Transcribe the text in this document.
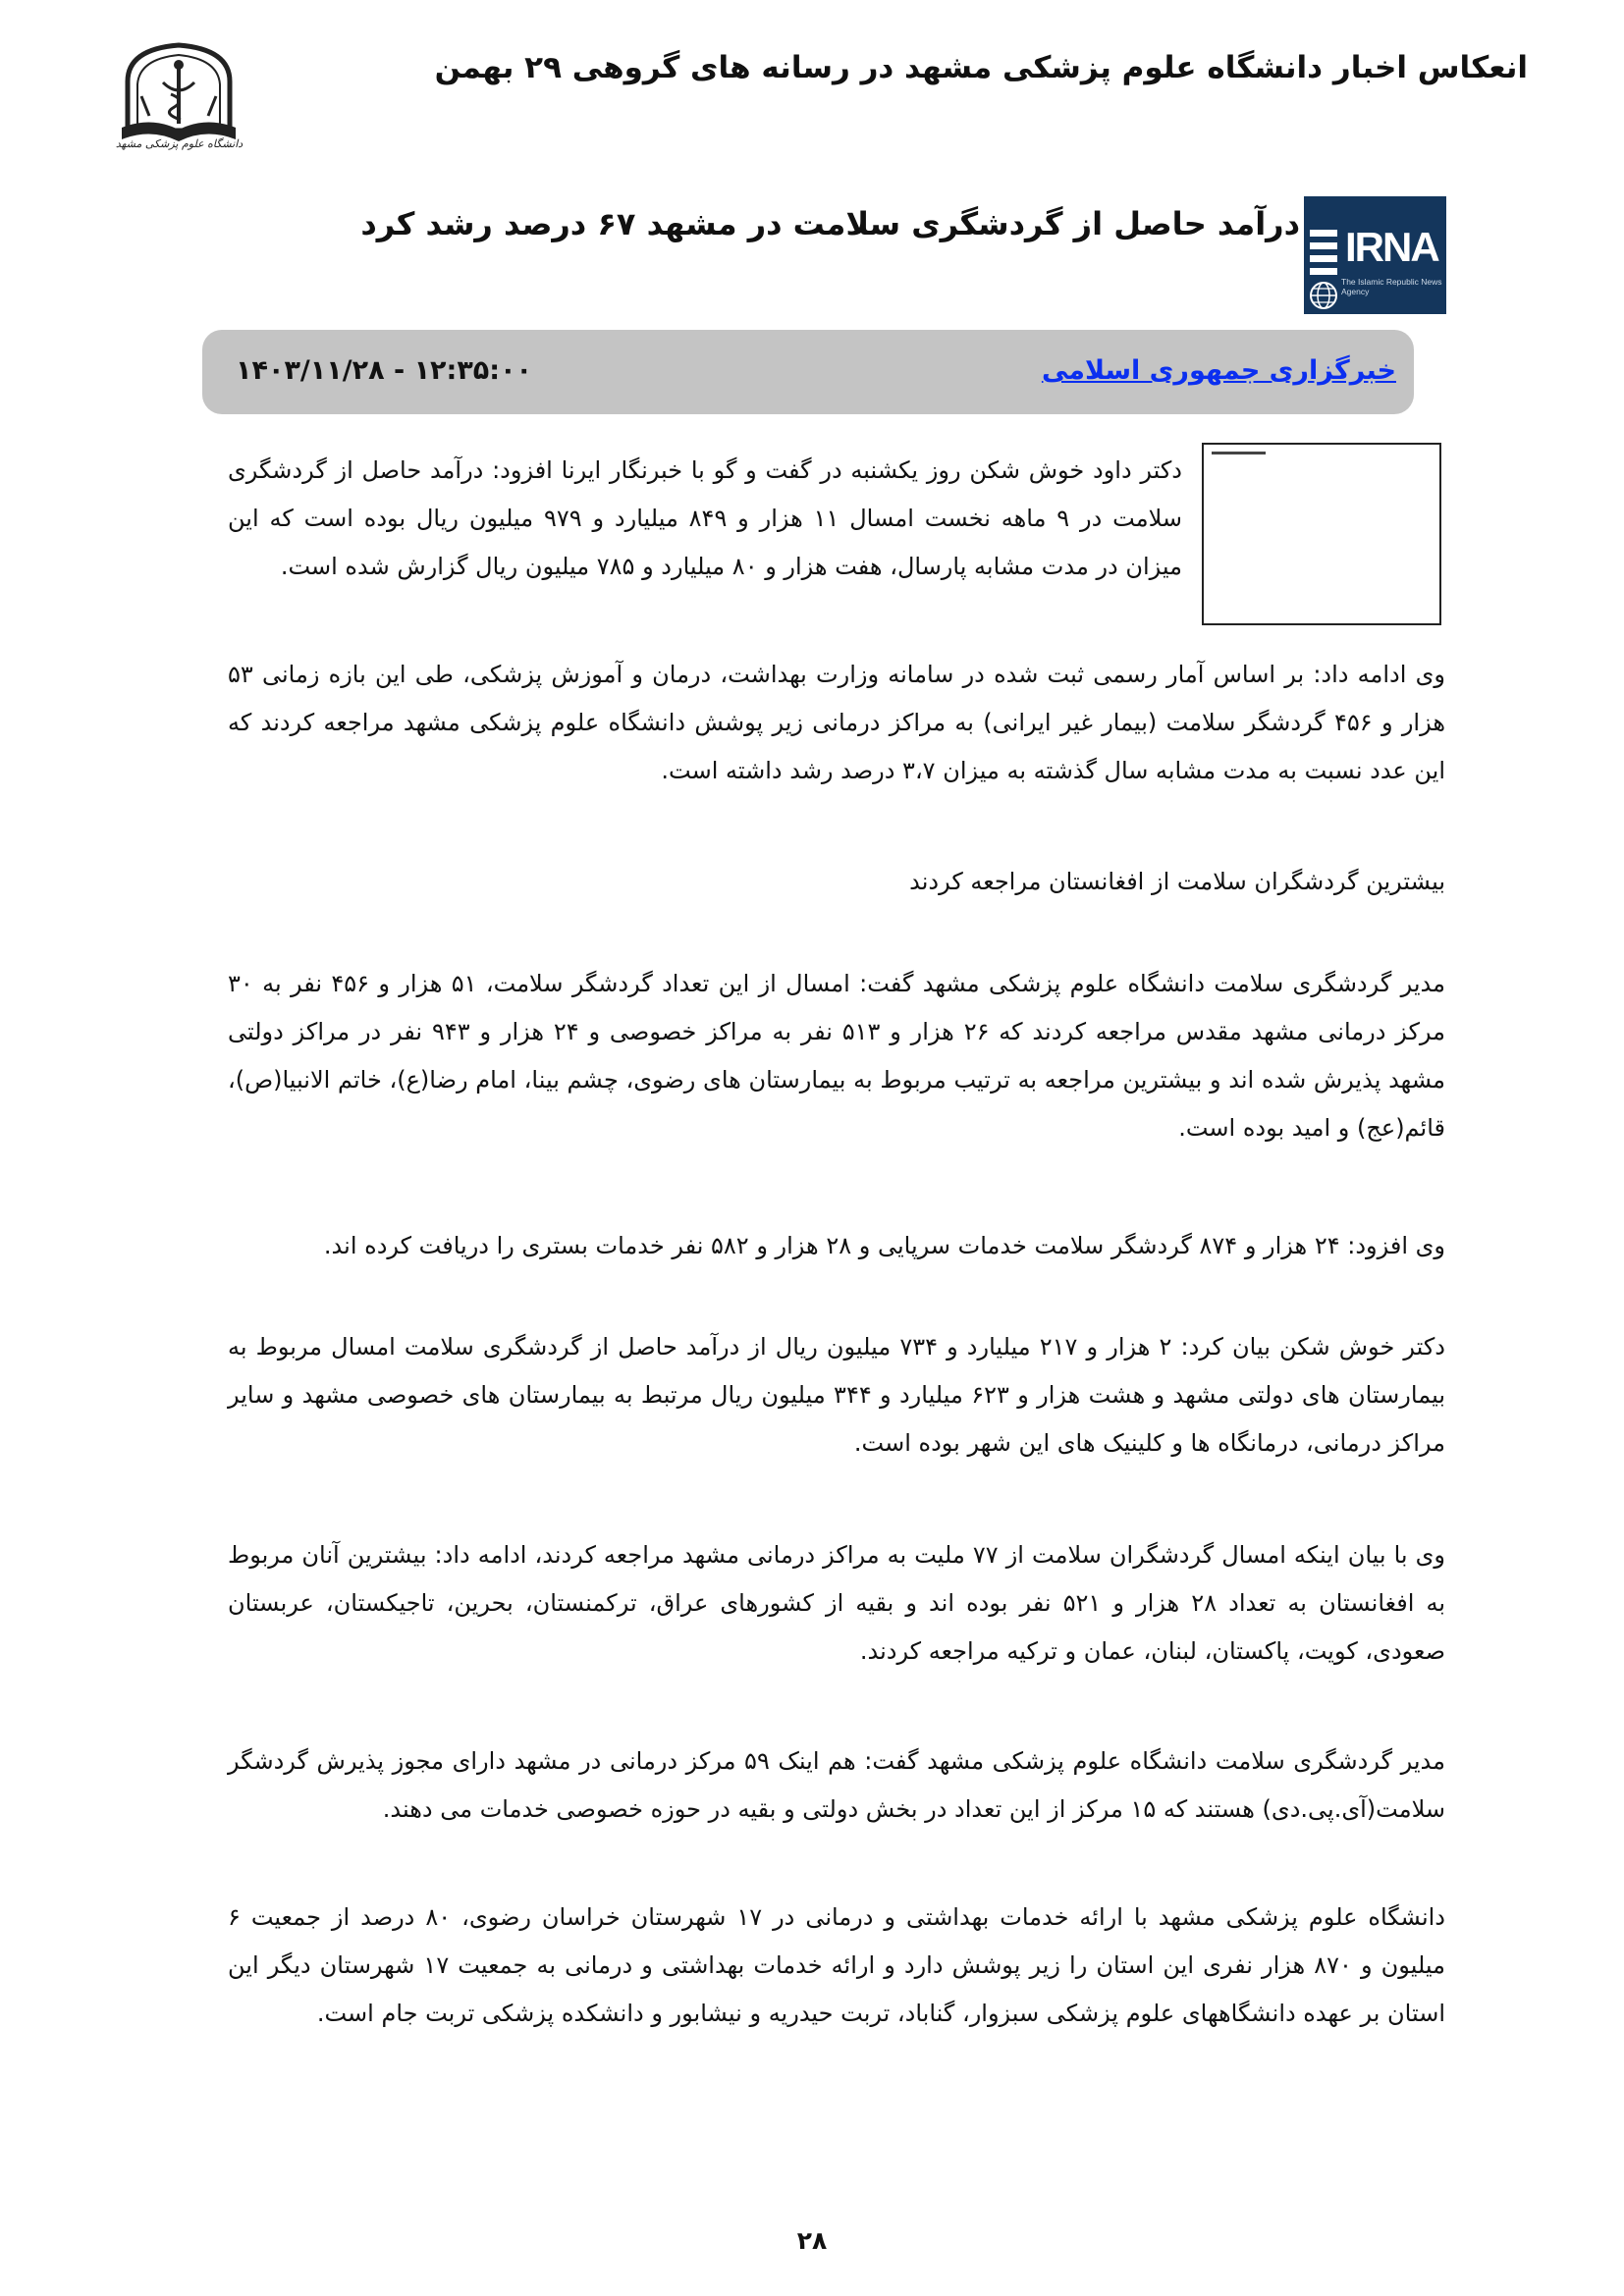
انعکاس اخبار دانشگاه علوم پزشکی مشهد در رسانه های گروهی ۲۹ بهمن
دانشگاه علوم پزشکی مشهد
درآمد حاصل از گردشگری سلامت در مشهد ۶۷ درصد رشد کرد IRNA
The Islamic Republic News Agency
خبرگزاری جمهوری اسلامی
۱۴۰۳/۱۱/۲۸ - ۱۲:۳۵:۰۰
دکتر داود خوش شکن روز یکشنبه در گفت و گو با خبرنگار ایرنا افزود: درآمد حاصل از گردشگری سلامت در ۹ ماهه نخست امسال ۱۱ هزار و ۸۴۹ میلیارد و ۹۷۹ میلیون ریال بوده است که این میزان در مدت مشابه پارسال، هفت هزار و ۸۰ میلیارد و ۷۸۵ میلیون ریال گزارش شده است.
وی ادامه داد: بر اساس آمار رسمی ثبت شده در سامانه وزارت بهداشت، درمان و آموزش پزشکی، طی این بازه زمانی ۵۳ هزار و ۴۵۶ گردشگر سلامت (بیمار غیر ایرانی) به مراکز درمانی زیر پوشش دانشگاه علوم پزشکی مشهد مراجعه کردند که این عدد نسبت به مدت مشابه سال گذشته به میزان ۳،۷ درصد رشد داشته است.
بیشترین گردشگران سلامت از افغانستان مراجعه کردند
مدیر گردشگری سلامت دانشگاه علوم پزشکی مشهد گفت: امسال از این تعداد گردشگر سلامت، ۵۱ هزار و ۴۵۶ نفر به ۳۰ مرکز درمانی مشهد مقدس مراجعه کردند که ۲۶ هزار و ۵۱۳ نفر به مراکز خصوصی و ۲۴ هزار و ۹۴۳ نفر در مراکز دولتی مشهد پذیرش شده اند و بیشترین مراجعه به ترتیب مربوط به بیمارستان های رضوی، چشم بینا، امام رضا(ع)، خاتم الانبیا(ص)، قائم(عج) و امید بوده است.
وی افزود: ۲۴ هزار و ۸۷۴ گردشگر سلامت خدمات سرپایی و ۲۸ هزار و ۵۸۲ نفر خدمات بستری را دریافت کرده اند.
دکتر خوش شکن بیان کرد: ۲ هزار و ۲۱۷ میلیارد و ۷۳۴ میلیون ریال از درآمد حاصل از گردشگری سلامت امسال مربوط به بیمارستان های دولتی مشهد و هشت هزار و ۶۲۳ میلیارد و ۳۴۴ میلیون ریال مرتبط به بیمارستان های خصوصی مشهد و سایر مراکز درمانی، درمانگاه ها و کلینیک های این شهر بوده است.
وی با بیان اینکه امسال گردشگران سلامت از ۷۷ ملیت به مراکز درمانی مشهد مراجعه کردند، ادامه داد: بیشترین آنان مربوط به افغانستان به تعداد ۲۸ هزار و ۵۲۱ نفر بوده اند و بقیه از کشورهای عراق، ترکمنستان، بحرین، تاجیکستان، عربستان صعودی، کویت، پاکستان، لبنان، عمان و ترکیه مراجعه کردند.
مدیر گردشگری سلامت دانشگاه علوم پزشکی مشهد گفت: هم اینک ۵۹ مرکز درمانی در مشهد دارای مجوز پذیرش گردشگر سلامت(آی.پی.دی) هستند که ۱۵ مرکز از این تعداد در بخش دولتی و بقیه در حوزه خصوصی خدمات می دهند.
دانشگاه علوم پزشکی مشهد با ارائه خدمات بهداشتی و درمانی در ۱۷ شهرستان خراسان رضوی، ۸۰ درصد از جمعیت ۶ میلیون و ۸۷۰ هزار نفری این استان را زیر پوشش دارد و ارائه خدمات بهداشتی و درمانی به جمعیت ۱۷ شهرستان دیگر این استان بر عهده دانشگاههای علوم پزشکی سبزوار، گناباد، تربت حیدریه و نیشابور و دانشکده پزشکی تربت جام است.
۲۸
